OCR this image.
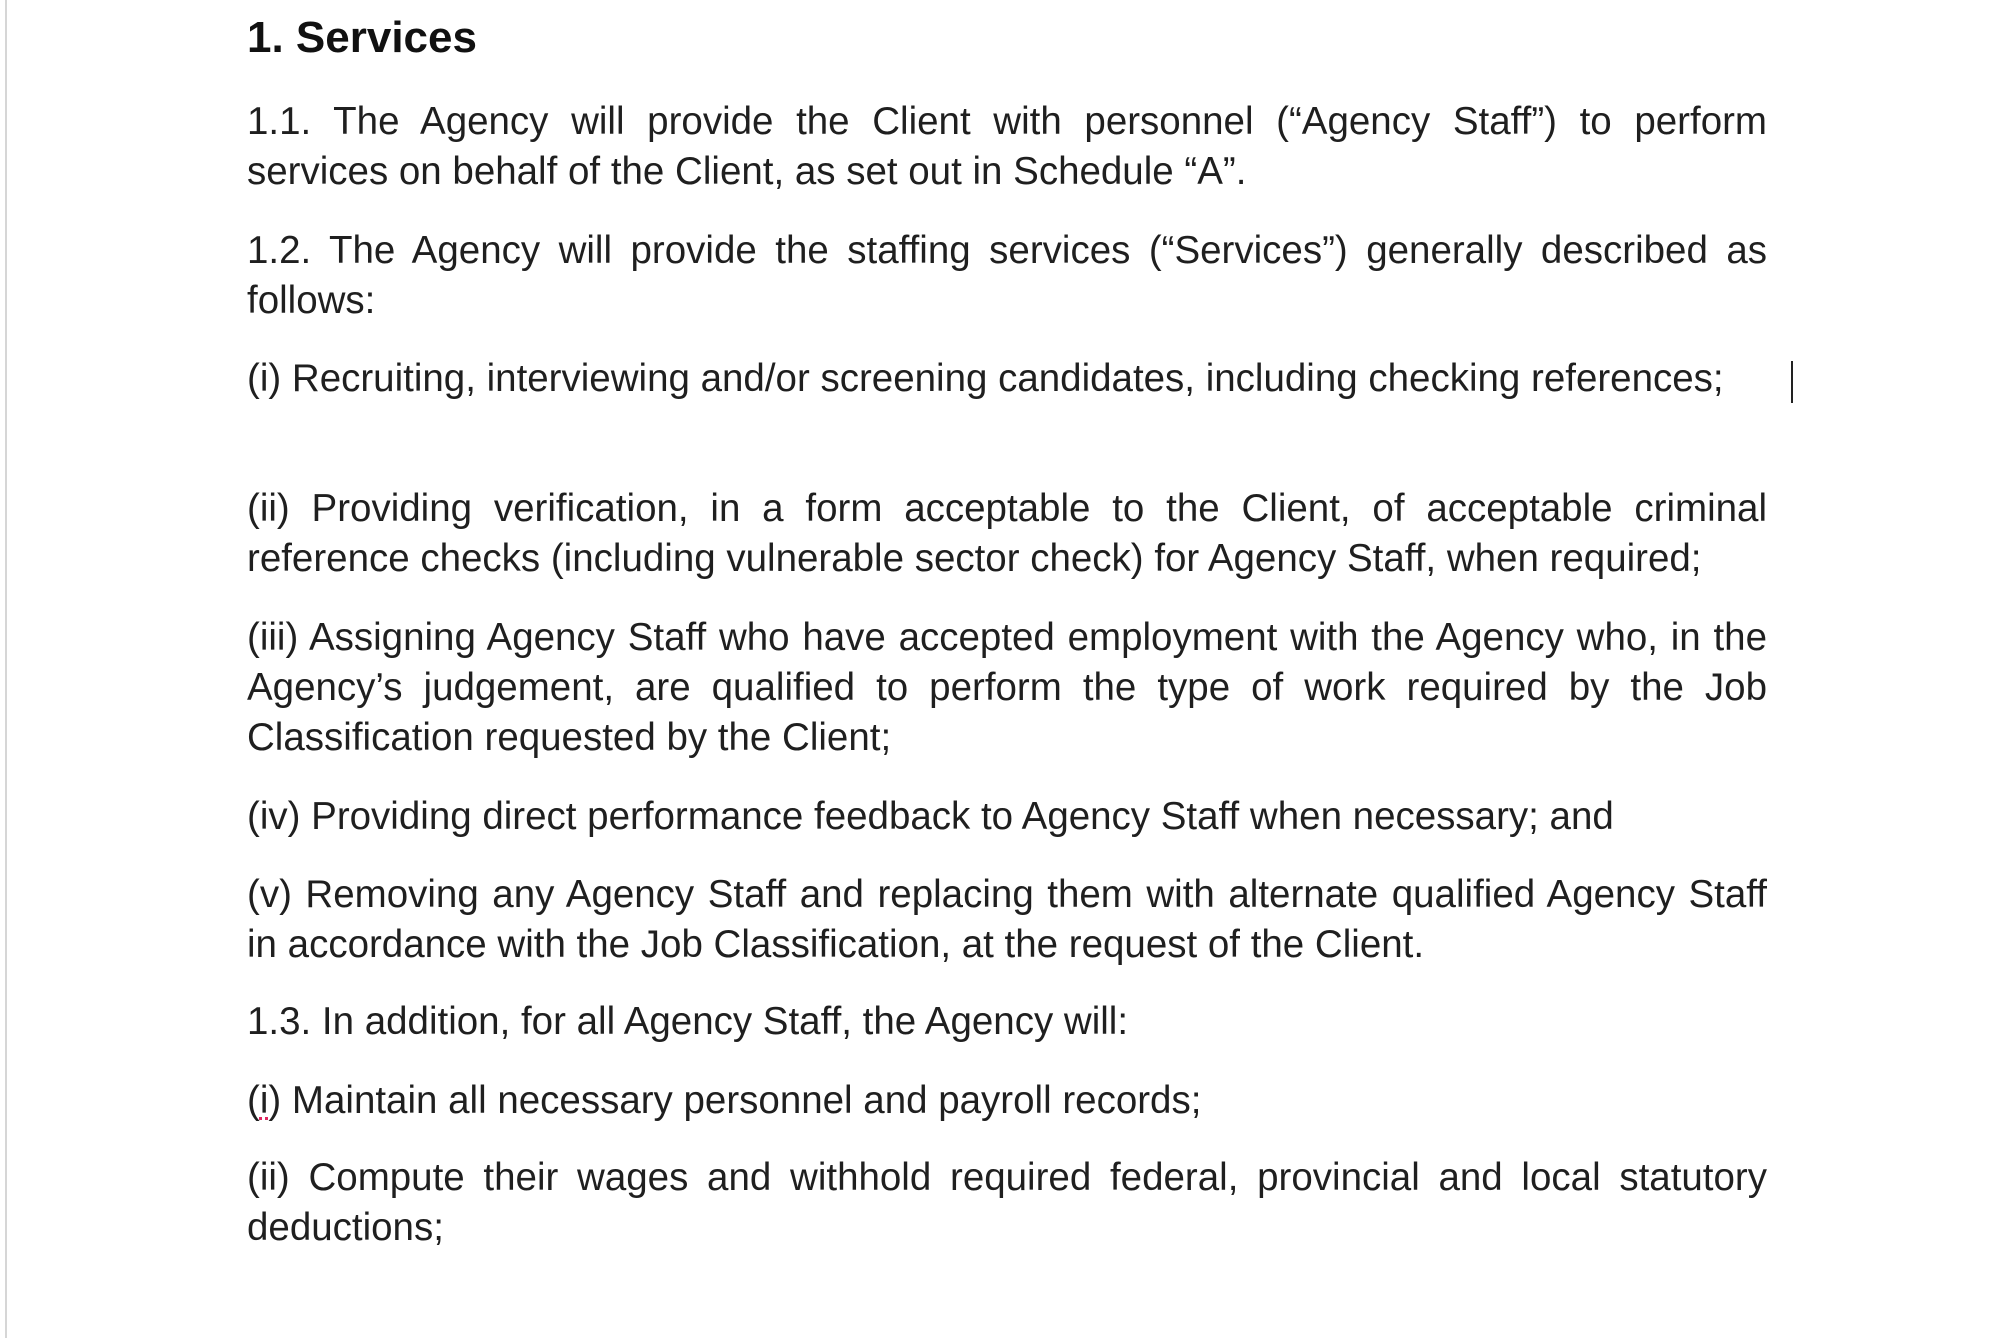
1. Services

1.1. The Agency will provide the Client with personnel (“Agency Staff”) to perform services on behalf of the Client, as set out in Schedule “A”.

1.2. The Agency will provide the staffing services (“Services”) generally described as follows:

(i) Recruiting, interviewing and/or screening candidates, including checking references;

(ii) Providing verification, in a form acceptable to the Client, of acceptable criminal reference checks (including vulnerable sector check) for Agency Staff, when required;

(iii) Assigning Agency Staff who have accepted employment with the Agency who, in the Agency’s judgement, are qualified to perform the type of work required by the Job Classification requested by the Client;

(iv) Providing direct performance feedback to Agency Staff when necessary; and

(v) Removing any Agency Staff and replacing them with alternate qualified Agency Staff in accordance with the Job Classification, at the request of the Client.

1.3. In addition, for all Agency Staff, the Agency will:

(i) Maintain all necessary personnel and payroll records;

(ii) Compute their wages and withhold required federal, provincial and local statutory deductions;
